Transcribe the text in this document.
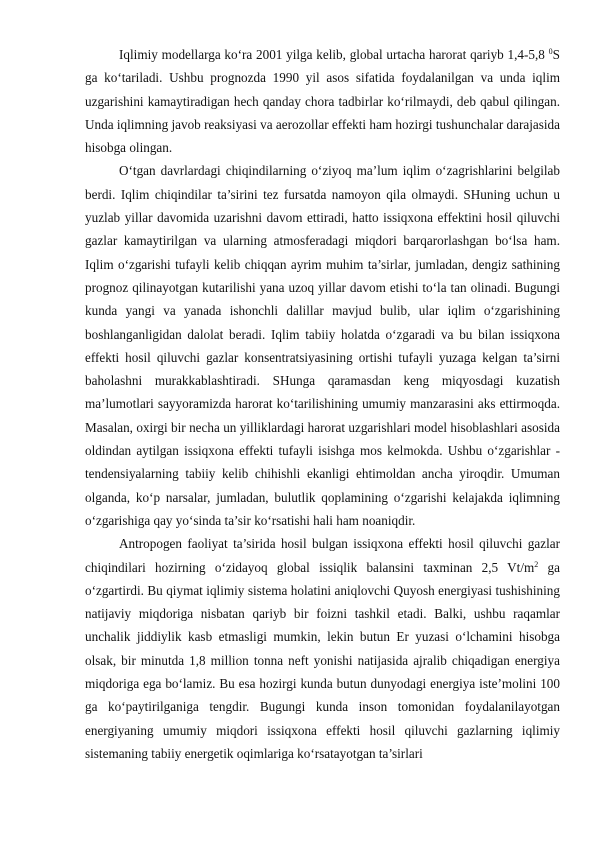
Iqlimiy modellarga ko‘ra 2001 yilga kelib, global urtacha harorat qariyb 1,4-5,8 $^0$S ga ko‘tariladi. Ushbu prognozda 1990 yil asos sifatida foydalanilgan va unda iqlim uzgarishini kamaytiradigan hech qanday chora tadbirlar ko‘rilmaydi, deb qabul qilingan. Unda iqlimning javob reaksiyasi va aerozollar effekti ham hozirgi tushunchalar darajasida hisobga olingan.

O‘tgan davrlardagi chiqindilarning o‘ziyoq ma’lum iqlim o‘zagrishlarini belgilab berdi. Iqlim chiqindilar ta’sirini tez fursatda namoyon qila olmaydi. SHuning uchun u yuzlab yillar davomida uzarishni davom ettiradi, hatto issiqxona effektini hosil qiluvchi gazlar kamaytirilgan va ularning atmosferadagi miqdori barqarorlashgan bo‘lsa ham. Iqlim o‘zgarishi tufayli kelib chiqqan ayrim muhim ta’sirlar, jumladan, dengiz sathining prognoz qilinayotgan kutarilishi yana uzoq yillar davom etishi to‘la tan olinadi. Bugungi kunda yangi va yanada ishonchli dalillar mavjud bulib, ular iqlim o‘zgarishining boshlanganligidan dalolat beradi. Iqlim tabiiy holatda o‘zgaradi va bu bilan issiqxona effekti hosil qiluvchi gazlar konsentratsiyasining ortishi tufayli yuzaga kelgan ta’sirni baholashni murakkablashtiradi. SHunga qaramasdan keng miqyosdagi kuzatish ma’lumotlari sayyoramizda harorat ko‘tarilishining umumiy manzarasini aks ettirmoqda. Masalan, oxirgi bir necha un yilliklardagi harorat uzgarishlari model hisoblashlari asosida oldindan aytilgan issiqxona effekti tufayli isishga mos kelmokda. Ushbu o‘zgarishlar - tendensiyalarning tabiiy kelib chihishli ekanligi ehtimoldan ancha yiroqdir. Umuman olganda, ko‘p narsalar, jumladan, bulutlik qoplamining o‘zgarishi kelajakda iqlimning o‘zgarishiga qay yo‘sinda ta’sir ko‘rsatishi hali ham noaniqdir.

Antropogen faoliyat ta’sirida hosil bulgan issiqxona effekti hosil qiluvchi gazlar chiqindilari hozirning o‘zidayoq global issiqlik balansini taxminan 2,5 $Vt/m^2$ ga o‘zgartirdi. Bu qiymat iqlimiy sistema holatini aniqlovchi Quyosh energiyasi tushishining natijaviy miqdoriga nisbatan qariyb bir foizni tashkil etadi. Balki, ushbu raqamlar unchalik jiddiylik kasb etmasligi mumkin, lekin butun Er yuzasi o‘lchamini hisobga olsak, bir minutda 1,8 million tonna neft yonishi natijasida ajralib chiqadigan energiya miqdoriga ega bo‘lamiz. Bu esa hozirgi kunda butun dunyodagi energiya iste’molini 100 ga ko‘paytirilganiga tengdir. Bugungi kunda inson tomonidan foydalanilayotgan energiyaning umumiy miqdori issiqxona effekti hosil qiluvchi gazlarning iqlimiy sistemaning tabiiy energetik oqimlariga ko‘rsatayotgan ta’sirlari
